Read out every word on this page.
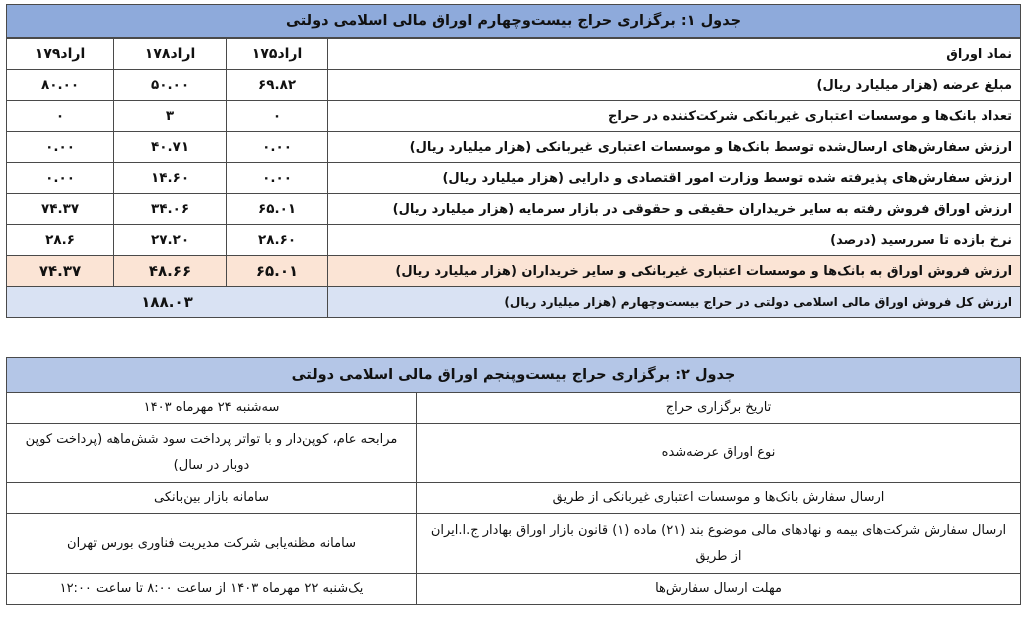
جدول ۱: برگزاری حراج بیست‌وچهارم اوراق مالی اسلامی دولتی			
نماد اوراق	اراد۱۷۵	اراد۱۷۸	اراد۱۷۹
مبلغ عرضه (هزار میلیارد ریال)	۶۹.۸۲	۵۰.۰۰	۸۰.۰۰
تعداد بانک‌ها و موسسات اعتباری غیربانکی شرکت‌کننده در حراج	۰	۳	۰
ارزش سفارش‌های ارسال‌شده توسط بانک‌ها و موسسات اعتباری غیربانکی (هزار میلیارد ریال)	۰.۰۰	۴۰.۷۱	۰.۰۰
ارزش سفارش‌های پذیرفته شده توسط وزارت امور اقتصادی و دارایی (هزار میلیارد ریال)	۰.۰۰	۱۴.۶۰	۰.۰۰
ارزش اوراق فروش رفته به سایر خریداران حقیقی و حقوقی در بازار سرمایه (هزار میلیارد ریال)	۶۵.۰۱	۳۴.۰۶	۷۴.۳۷
نرخ بازده تا سررسید (درصد)	۲۸.۶۰	۲۷.۲۰	۲۸.۶
ارزش فروش اوراق به بانک‌ها و موسسات اعتباری غیربانکی و سایر خریداران (هزار میلیارد ریال)	۶۵.۰۱	۴۸.۶۶	۷۴.۳۷
ارزش کل فروش اوراق مالی اسلامی دولتی در حراج بیست‌وچهارم (هزار میلیارد ریال)	۱۸۸.۰۳		
جدول ۲: برگزاری حراج بیست‌وپنجم اوراق مالی اسلامی دولتی	
تاریخ برگزاری حراج	سه‌شنبه ۲۴ مهرماه ۱۴۰۳
نوع اوراق عرضه‌شده	مرابحه عام، کوپن‌دار و با تواتر پرداخت سود شش‌ماهه (پرداخت کوپن دوبار در سال)
ارسال سفارش بانک‌ها و موسسات اعتباری غیربانکی از طریق	سامانه بازار بین‌بانکی
ارسال سفارش شرکت‌های بیمه و نهادهای مالی موضوع بند (۲۱) ماده (۱) قانون بازار اوراق بهادار ج.ا.ایران از طریق	سامانه مظنه‌یابی شرکت مدیریت فناوری بورس تهران
مهلت ارسال سفارش‌ها	یک‌شنبه ۲۲ مهرماه ۱۴۰۳ از ساعت ۸:۰۰ تا ساعت ۱۲:۰۰
